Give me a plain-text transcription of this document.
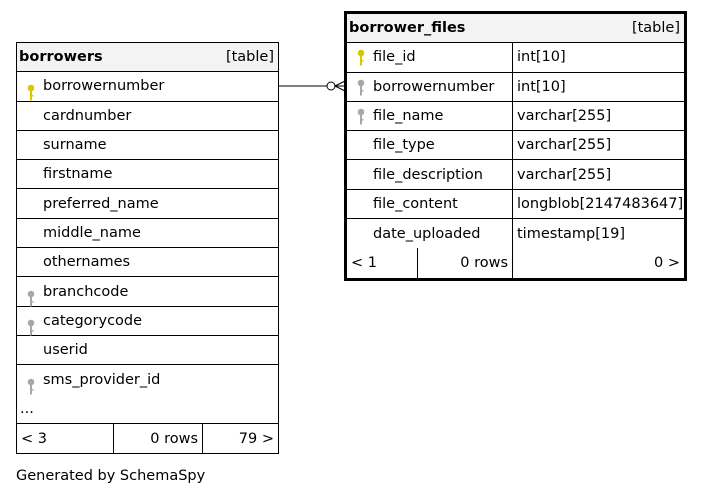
borrowers	[table]
borrowernumber
cardnumber
surname
firstname
preferred_name
middle_name
othernames
branchcode
categorycode
userid
sms_provider_id
...
< 3	0 rows	79 >
borrower_files	[table]
file_id	int[10]
borrowernumber int[10]
file_name	varchar[255]
file_type	varchar[255]
file_description varchar[255]
file_content	longblob[2147483647]
date_uploaded	timestamp[19]
< 1	0 rows	0 >
Generated by SchemaSpy
